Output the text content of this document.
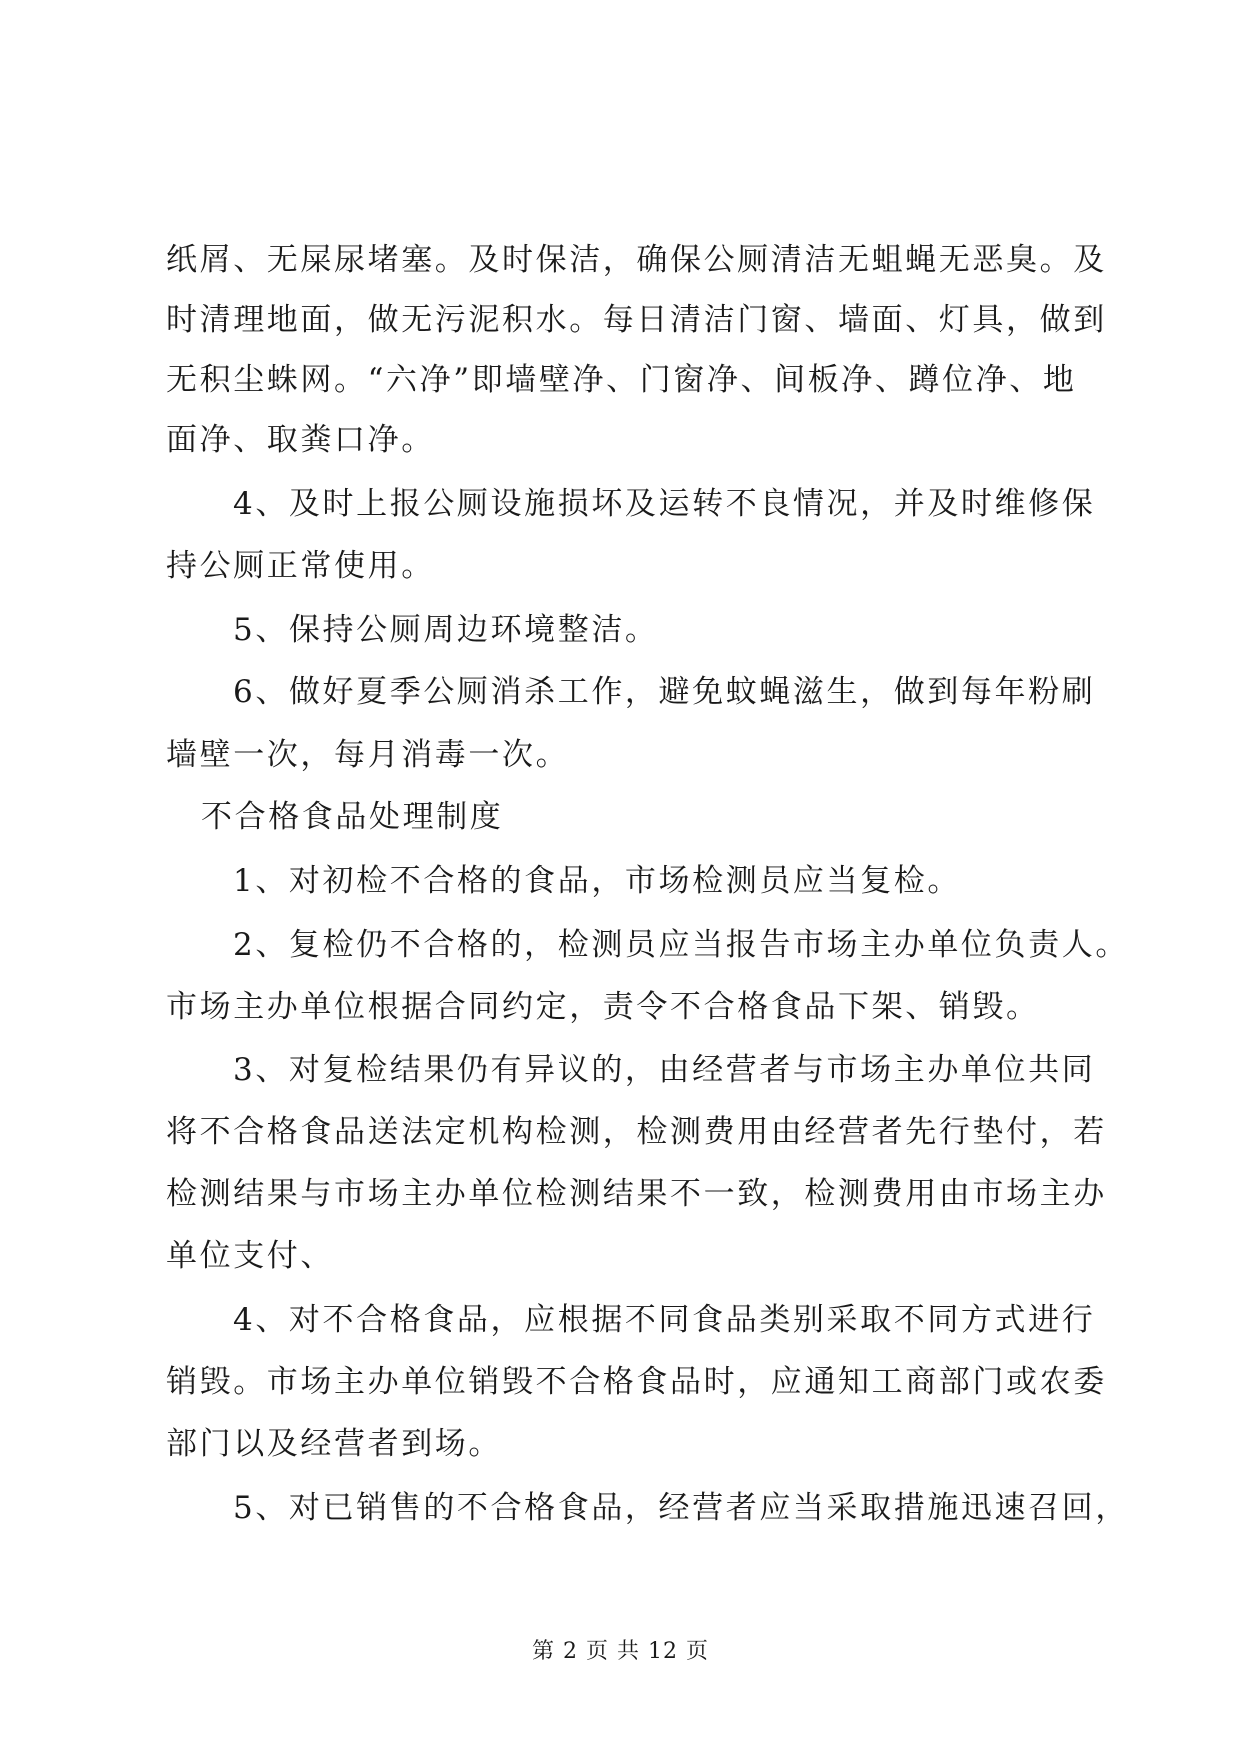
纸屑、无屎尿堵塞。及时保洁，确保公厕清洁无蛆蝇无恶臭。及
时清理地面，做无污泥积水。每日清洁门窗、墙面、灯具，做到
无积尘蛛网。“六净”即墙壁净、门窗净、间板净、蹲位净、地
面净、取粪口净。
4、及时上报公厕设施损坏及运转不良情况，并及时维修保
持公厕正常使用。
5、保持公厕周边环境整洁。
6、做好夏季公厕消杀工作，避免蚊蝇滋生，做到每年粉刷
墙壁一次，每月消毒一次。
不合格食品处理制度
1、对初检不合格的食品，市场检测员应当复检。
2、复检仍不合格的，检测员应当报告市场主办单位负责人。
市场主办单位根据合同约定，责令不合格食品下架、销毁。
3、对复检结果仍有异议的，由经营者与市场主办单位共同
将不合格食品送法定机构检测，检测费用由经营者先行垫付，若
检测结果与市场主办单位检测结果不一致，检测费用由市场主办
单位支付、
4、对不合格食品，应根据不同食品类别采取不同方式进行
销毁。市场主办单位销毁不合格食品时，应通知工商部门或农委
部门以及经营者到场。
5、对已销售的不合格食品，经营者应当采取措施迅速召回，
第 2 页 共 12 页
